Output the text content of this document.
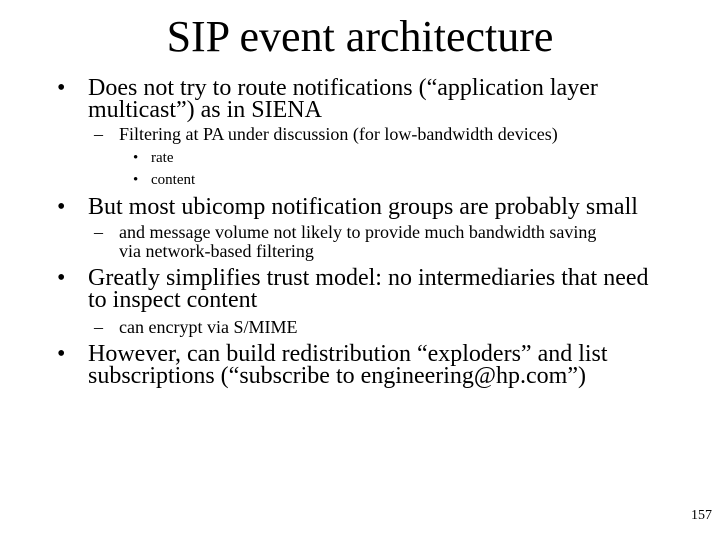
SIP event architecture
• Does not try to route notifications (“application layer
multicast”) as in SIENA
– Filtering at PA under discussion (for low-bandwidth devices)
• rate
• content
• But most ubicomp notification groups are probably small
– and message volume not likely to provide much bandwidth saving
via network-based filtering
• Greatly simplifies trust model: no intermediaries that need
to inspect content
– can encrypt via S/MIME
• However, can build redistribution “exploders” and list
subscriptions (“subscribe to engineering@hp.com”)
157
